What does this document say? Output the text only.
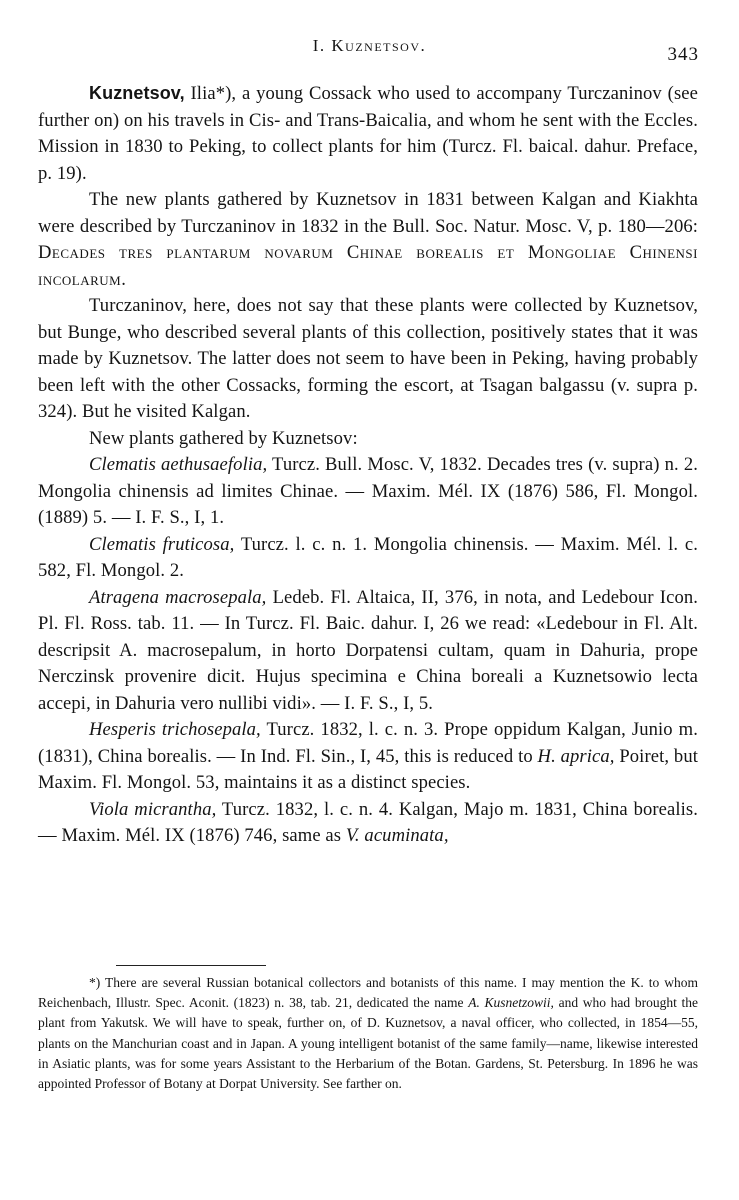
I. Kuznetsov.	343

Kuznetsov, Ilia*), a young Cossack who used to accompany Turczaninov (see further on) on his travels in Cis- and Trans-Baicalia, and whom he sent with the Eccles. Mission in 1830 to Peking, to collect plants for him (Turcz. Fl. baical. dahur. Preface, p. 19).

The new plants gathered by Kuznetsov in 1831 between Kalgan and Kiakhta were described by Turczaninov in 1832 in the Bull. Soc. Natur. Mosc. V, p. 180—206: Decades tres plantarum novarum Chinae borealis et Mongoliae Chinensi incolarum.

Turczaninov, here, does not say that these plants were collected by Kuznetsov, but Bunge, who described several plants of this collection, positively states that it was made by Kuznetsov. The latter does not seem to have been in Peking, having probably been left with the other Cossacks, forming the escort, at Tsagan balgassu (v. supra p. 324). But he visited Kalgan.

New plants gathered by Kuznetsov:

Clematis aethusaefolia, Turcz. Bull. Mosc. V, 1832. Decades tres (v. supra) n. 2. Mongolia chinensis ad limites Chinae. — Maxim. Mél. IX (1876) 586, Fl. Mongol. (1889) 5. — I. F. S., I, 1.

Clematis fruticosa, Turcz. l. c. n. 1. Mongolia chinensis. — Maxim. Mél. l. c. 582, Fl. Mongol. 2.

Atragena macrosepala, Ledeb. Fl. Altaica, II, 376, in nota, and Ledebour Icon. Pl. Fl. Ross. tab. 11. — In Turcz. Fl. Baic. dahur. I, 26 we read: «Ledebour in Fl. Alt. descripsit A. macrosepalum, in horto Dorpatensi cultam, quam in Dahuria, prope Nerczinsk provenire dicit. Hujus specimina e China boreali a Kuznetsowio lecta accepi, in Dahuria vero nullibi vidi». — I. F. S., I, 5.

Hesperis trichosepala, Turcz. 1832, l. c. n. 3. Prope oppidum Kalgan, Junio m. (1831), China borealis. — In Ind. Fl. Sin., I, 45, this is reduced to H. aprica, Poiret, but Maxim. Fl. Mongol. 53, maintains it as a distinct species.

Viola micrantha, Turcz. 1832, l. c. n. 4. Kalgan, Majo m. 1831, China borealis. — Maxim. Mél. IX (1876) 746, same as V. acuminata,

*) There are several Russian botanical collectors and botanists of this name. I may mention the K. to whom Reichenbach, Illustr. Spec. Aconit. (1823) n. 38, tab. 21, dedicated the name A. Kusnetzowii, and who had brought the plant from Yakutsk. We will have to speak, further on, of D. Kuznetsov, a naval officer, who collected, in 1854—55, plants on the Manchurian coast and in Japan. A young intelligent botanist of the same family—name, likewise interested in Asiatic plants, was for some years Assistant to the Herbarium of the Botan. Gardens, St. Petersburg. In 1896 he was appointed Professor of Botany at Dorpat University. See farther on.
